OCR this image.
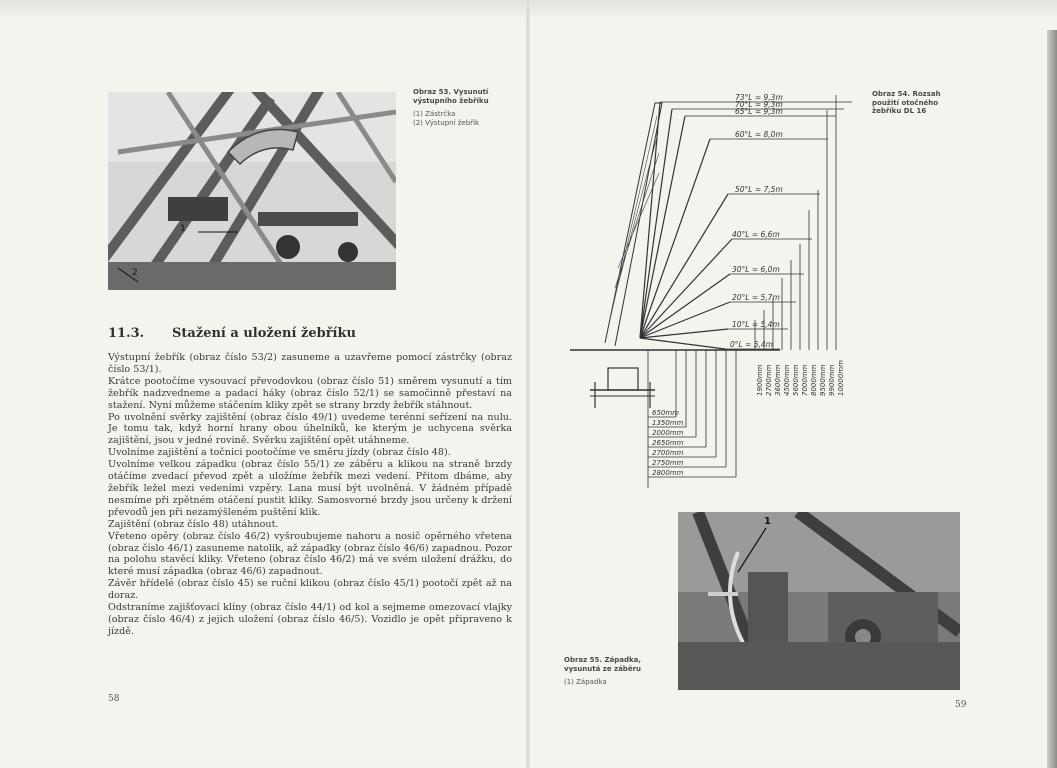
1
2
Obraz 53. Vysunutí výstupního žebříku
(1) Zástrčka
(2) Výstupní žebřík
11.3. Stažení a uložení žebříku

Výstupní žebřík (obraz číslo 53/2) zasuneme a uzavřeme pomocí zástrčky (obraz číslo 53/1).

Krátce pootočíme vysouvací převodovkou (obraz číslo 51) směrem vysunutí a tím žebřík nadzvedneme a padací háky (obraz číslo 52/1) se samočinně přestaví na stažení. Nyní můžeme stáčením kliky zpět se strany brzdy žebřík stáhnout.

Po uvolnění svěrky zajištění (obraz číslo 49/1) uvedeme terénní seřízení na nulu. Je tomu tak, když horní hrany obou úhelníků, ke kterým je uchycena svěrka zajištění, jsou v jedné rovině. Svěrku zajištění opět utáhneme.

Uvolníme zajištění a točnici pootočíme ve směru jízdy (obraz číslo 48).

Uvolníme velkou západku (obraz číslo 55/1) ze záběru a klikou na straně brzdy otáčíme zvedací převod zpět a uložíme žebřík mezi vedení. Přitom dbáme, aby žebřík ležel mezi vedeními vzpěry. Lana musí být uvolněná. V žádném případě nesmíme při zpětném otáčení pustit kliky. Samosvorné brzdy jsou určeny k držení převodů jen při nezamýšleném puštění klik.

Zajištění (obraz číslo 48) utáhnout.

Vřeteno opěry (obraz číslo 46/2) vyšroubujeme nahoru a nosič opěrného vřetena (obraz číslo 46/1) zasuneme natolik, až západky (obraz číslo 46/6) zapadnou. Pozor na polohu stavěcí kliky. Vřeteno (obraz číslo 46/2) má ve svém uložení drážku, do které musí západka (obraz 46/6) zapadnout.

Závěr hřídelé (obraz číslo 45) se ruční klikou (obraz číslo 45/1) pootočí zpět až na doraz.

Odstraníme zajišťovací klíny (obraz číslo 44/1) od kol a sejmeme omezovací vlajky (obraz číslo 46/4) z jejich uložení (obraz číslo 46/5). Vozidlo je opět připraveno k jízdě.

58
73°L = 9,3m
70°L = 9,3m
65°L = 9,3m
60°L = 8,0m
50°L = 7,5m
40°L = 6,6m
30°L = 6,0m
20°L = 5,7m
10°L = 5,4m
0°L = 5,4m
1900mm 2700mm 3600mm 4500mm 5600mm 7000mm 8000mm 9500mm 9900mm 10000mm
650mm
1350mm
2000mm
2650mm
2700mm
2750mm
2800mm
Obraz 54. Rozsah použití otočného žebříku DL 16
1
Obraz 55. Západka, vysunutá ze záběru
(1) Západka
59
